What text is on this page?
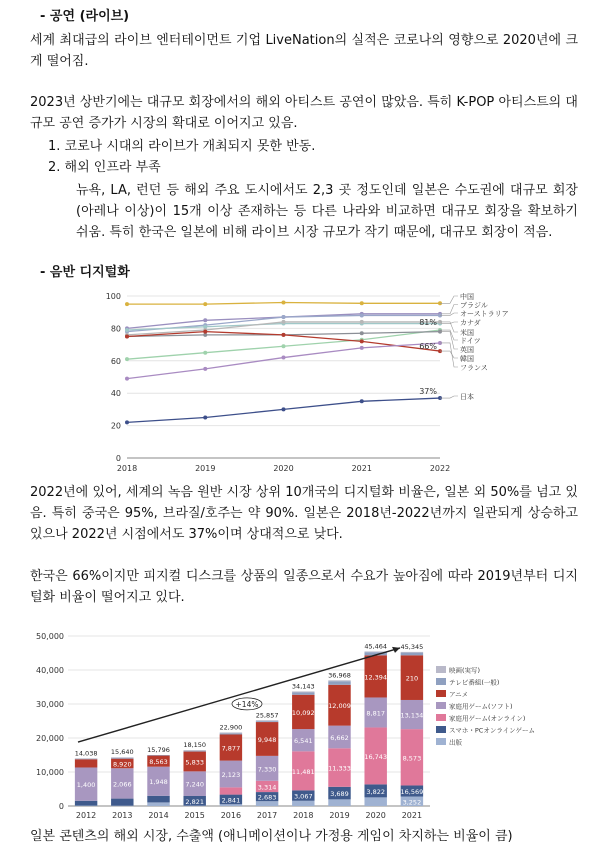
- 공연 (라이브)
세계 최대급의 라이브 엔터테이먼트 기업 LiveNation의 실적은 코로나의 영향으로 2020년에 크게 떨어짐.
2023년 상반기에는 대규모 회장에서의 해외 아티스트 공연이 많았음. 특히 K-POP 아티스트의 대규모 공연 증가가 시장의 확대로 이어지고 있음.
1. 코로나 시대의 라이브가 개최되지 못한 반동.
2. 해외 인프라 부족
뉴욕, LA, 런던 등 해외 주요 도시에서도 2,3 곳 정도인데 일본은 수도권에 대규모 회장(아레나 이상)이 15개 이상 존재하는 등 다른 나라와 비교하면 대규모 회장을 확보하기 쉬움. 특히 한국은 일본에 비해 라이브 시장 규모가 작기 때문에, 대규모 회장이 적음.
- 음반 디지털화
0
20
40
60
80
100
2018	2019	2020	2021	2022
中国
ブラジル
オーストラリア
カナダ
米国
ドイツ
英国
韓国
フランス
日本
81%
66%
37%
2022년에 있어, 세계의 녹음 원반 시장 상위 10개국의 디지털화 비율은, 일본 외 50%를 넘고 있음. 특히 중국은 95%, 브라질/호주는 약 90%. 일본은 2018년-2022년까지 일관되게 상승하고 있으나 2022년 시점에서도 37%이며 상대적으로 낮다.
한국은 66%이지만 피지컬 디스크를 상품의 일종으로서 수요가 높아짐에 따라 2019년부터 디지털화 비율이 떨어지고 있다.
0
10,000
20,000
30,000
40,000
50,000
1,400
14,038
2012
2,066
8,920
15,640
2013
1,948
8,563
15,796
2014
2,821
7,240
5,833
18,150
2015
2,841
2,123
7,877
22,900
2016
2,683
3,314
7,330
9,948
25,857
2017
3,067
11,481
6,541
10,092
34,143
2018
3,689
11,333
6,662
12,009
36,968
2019
3,822
16,743
8,817
12,394
45,464
2020
3,252
16,569
8,573
13,134
210
45,345
2021
+14%
映画(実写)
テレビ番組(一般)
アニメ
家庭用ゲーム(ソフト)
家庭用ゲーム(オンライン)
スマホ・PCオンラインゲーム
出版
일본 콘텐츠의 해외 시장, 수출액 (애니메이션이나 가정용 게임이 차지하는 비율이 큼)
